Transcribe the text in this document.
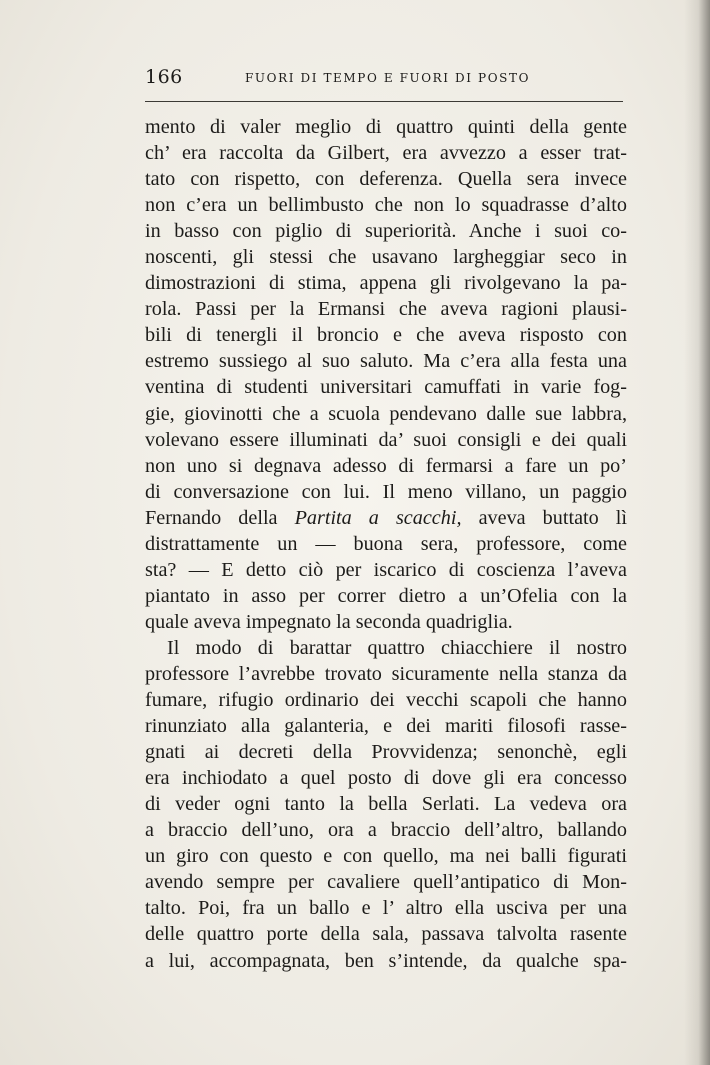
166	FUORI DI TEMPO E FUORI DI POSTO
mento di valer meglio di quattro quinti della gente
ch’ era raccolta da Gilbert, era avvezzo a esser trat-
tato con rispetto, con deferenza. Quella sera invece
non c’era un bellimbusto che non lo squadrasse d’alto
in basso con piglio di superiorità. Anche i suoi co-
noscenti, gli stessi che usavano largheggiar seco in
dimostrazioni di stima, appena gli rivolgevano la pa-
rola. Passi per la Ermansi che aveva ragioni plausi-
bili di tenergli il broncio e che aveva risposto con
estremo sussiego al suo saluto. Ma c’era alla festa una
ventina di studenti universitari camuffati in varie fog-
gie, giovinotti che a scuola pendevano dalle sue labbra,
volevano essere illuminati da’ suoi consigli e dei quali
non uno si degnava adesso di fermarsi a fare un po’
di conversazione con lui. Il meno villano, un paggio
Fernando della Partita a scacchi, aveva buttato lì
distrattamente un — buona sera, professore, come
sta? — E detto ciò per iscarico di coscienza l’aveva
piantato in asso per correr dietro a un’Ofelia con la
quale aveva impegnato la seconda quadriglia.
Il modo di barattar quattro chiacchiere il nostro
professore l’avrebbe trovato sicuramente nella stanza da
fumare, rifugio ordinario dei vecchi scapoli che hanno
rinunziato alla galanteria, e dei mariti filosofi rasse-
gnati ai decreti della Provvidenza; senonchè, egli
era inchiodato a quel posto di dove gli era concesso
di veder ogni tanto la bella Serlati. La vedeva ora
a braccio dell’uno, ora a braccio dell’altro, ballando
un giro con questo e con quello, ma nei balli figurati
avendo sempre per cavaliere quell’antipatico di Mon-
talto. Poi, fra un ballo e l’ altro ella usciva per una
delle quattro porte della sala, passava talvolta rasente
a lui, accompagnata, ben s’intende, da qualche spa-
